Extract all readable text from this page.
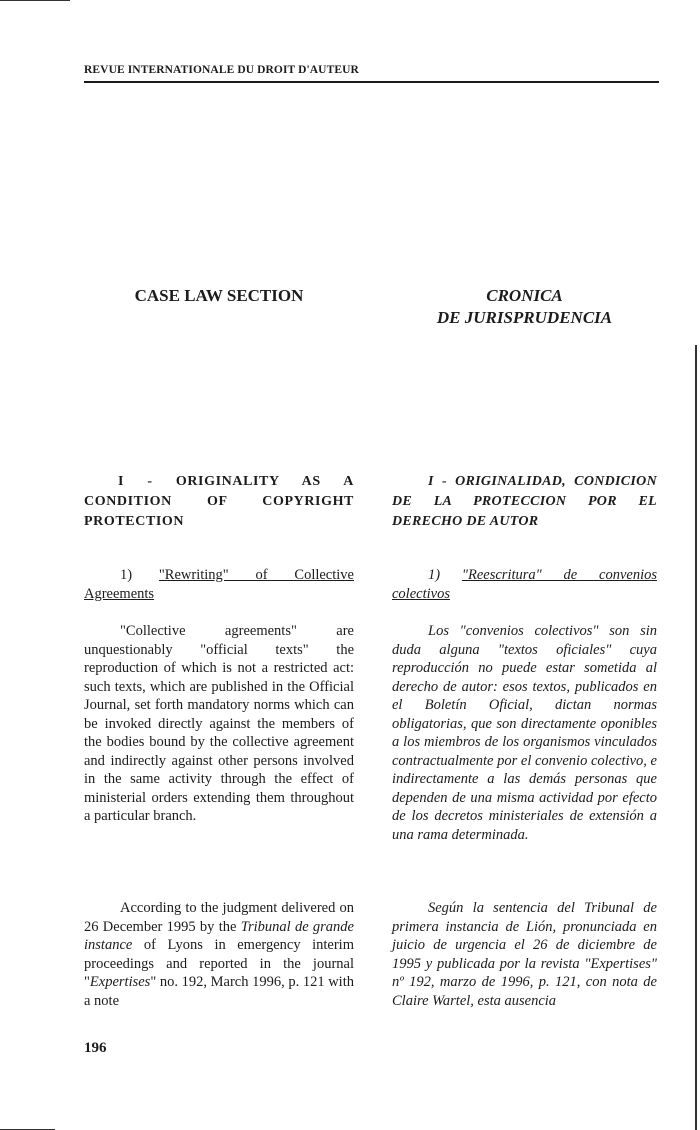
REVUE INTERNATIONALE DU DROIT D'AUTEUR
CASE LAW SECTION
I - ORIGINALITY AS A
CONDITION OF COPYRIGHT
PROTECTION
1) "Rewriting" of Collective Agreements

"Collective agreements" are unquestionably "official texts" the reproduction of which is not a restricted act: such texts, which are published in the Official Journal, set forth mandatory norms which can be invoked directly against the members of the bodies bound by the collective agreement and indirectly against other persons involved in the same activity through the effect of ministerial orders extending them throughout a particular branch.

According to the judgment delivered on 26 December 1995 by the Tribunal de grande instance of Lyons in emergency interim proceedings and reported in the journal "Expertises" no. 192, March 1996, p. 121 with a note

CRONICA
DE JURISPRUDENCIA
I - ORIGINALIDAD, CONDICION
DE LA PROTECCION POR EL
DERECHO DE AUTOR
1) "Reescritura" de convenios colectivos

Los "convenios colectivos" son sin duda alguna "textos oficiales" cuya reproducción no puede estar sometida al derecho de autor: esos textos, publicados en el Boletín Oficial, dictan normas obligatorias, que son directamente oponibles a los miembros de los organismos vinculados contractualmente por el convenio colectivo, e indirectamente a las demás personas que dependen de una misma actividad por efecto de los decretos ministeriales de extensión a una rama determinada.

Según la sentencia del Tribunal de primera instancia de Lión, pronunciada en juicio de urgencia el 26 de diciembre de 1995 y publicada por la revista "Expertises" nº 192, marzo de 1996, p. 121, con nota de Claire Wartel, esta ausencia

196
